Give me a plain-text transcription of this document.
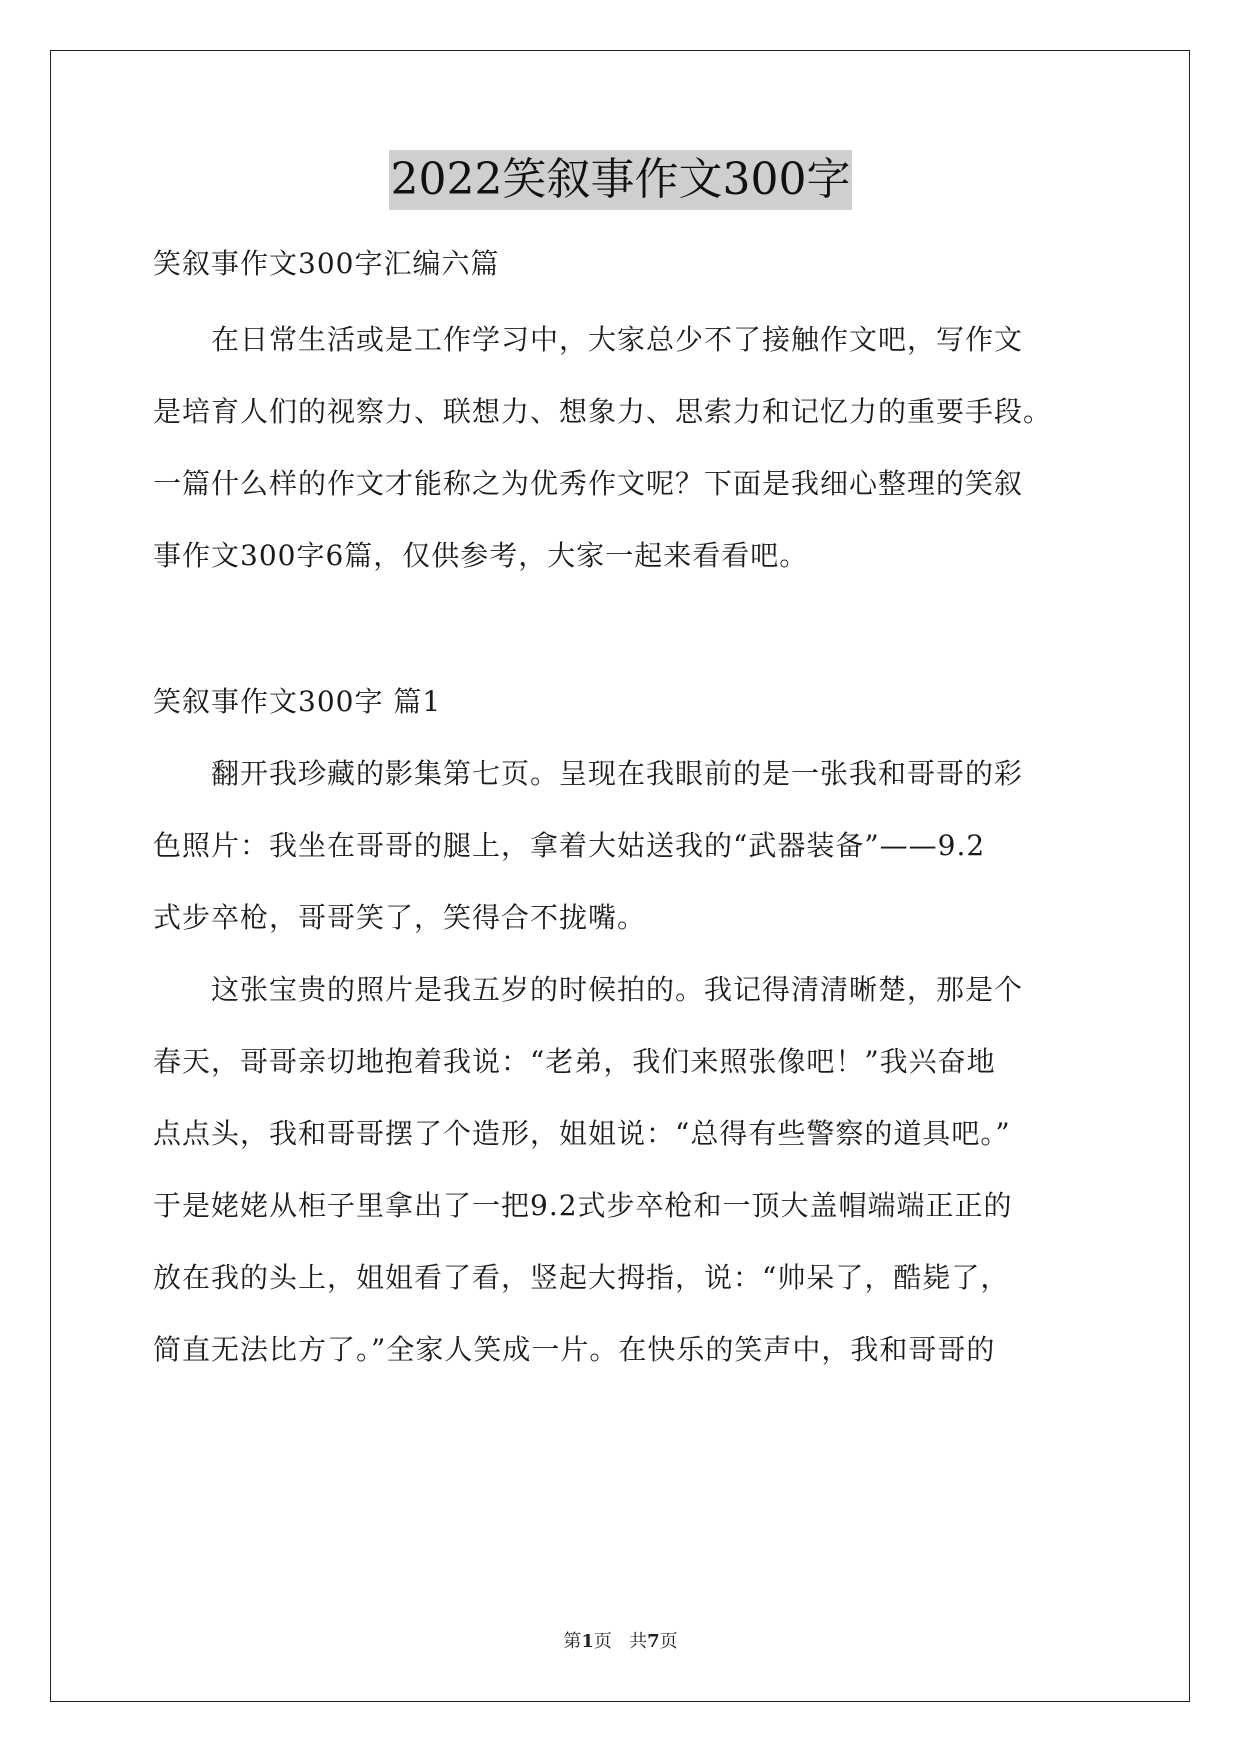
2022笑叙事作文300字
笑叙事作文300字汇编六篇
　　在日常生活或是工作学习中，大家总少不了接触作文吧，写作文
是培育人们的视察力、联想力、想象力、思索力和记忆力的重要手段。
一篇什么样的作文才能称之为优秀作文呢？下面是我细心整理的笑叙
事作文300字6篇，仅供参考，大家一起来看看吧。
笑叙事作文300字 篇1
　　翻开我珍藏的影集第七页。呈现在我眼前的是一张我和哥哥的彩
色照片：我坐在哥哥的腿上，拿着大姑送我的“武器装备”——9.2
式步卒枪，哥哥笑了，笑得合不拢嘴。
　　这张宝贵的照片是我五岁的时候拍的。我记得清清晰楚，那是个
春天，哥哥亲切地抱着我说：“老弟，我们来照张像吧！”我兴奋地
点点头，我和哥哥摆了个造形，姐姐说：“总得有些警察的道具吧。”
于是姥姥从柜子里拿出了一把9.2式步卒枪和一顶大盖帽端端正正的
放在我的头上，姐姐看了看，竖起大拇指，说：“帅呆了，酷毙了，
简直无法比方了。”全家人笑成一片。在快乐的笑声中，我和哥哥的
第1页 共7页
